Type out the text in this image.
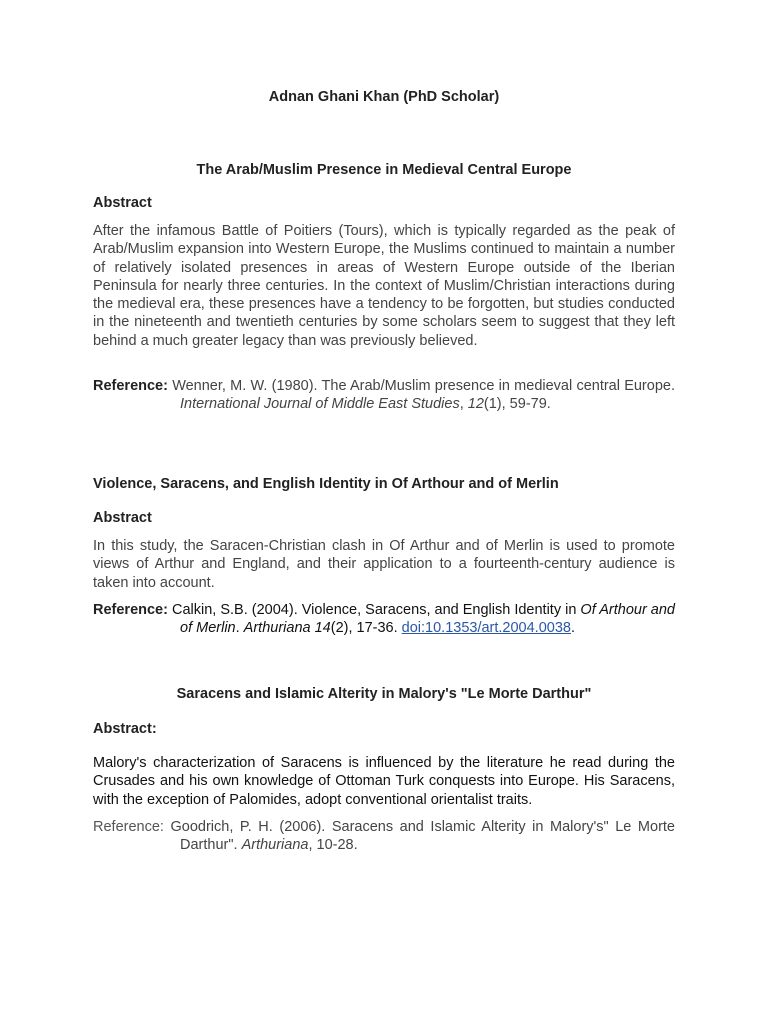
Adnan Ghani Khan (PhD Scholar)
The Arab/Muslim Presence in Medieval Central Europe
Abstract
After the infamous Battle of Poitiers (Tours), which is typically regarded as the peak of Arab/Muslim expansion into Western Europe, the Muslims continued to maintain a number of relatively isolated presences in areas of Western Europe outside of the Iberian Peninsula for nearly three centuries. In the context of Muslim/Christian interactions during the medieval era, these presences have a tendency to be forgotten, but studies conducted in the nineteenth and twentieth centuries by some scholars seem to suggest that they left behind a much greater legacy than was previously believed.
Reference: Wenner, M. W. (1980). The Arab/Muslim presence in medieval central Europe. International Journal of Middle East Studies, 12(1), 59-79.
Violence, Saracens, and English Identity in Of Arthour and of Merlin
Abstract
In this study, the Saracen-Christian clash in Of Arthur and of Merlin is used to promote views of Arthur and England, and their application to a fourteenth-century audience is taken into account.
Reference: Calkin, S.B. (2004). Violence, Saracens, and English Identity in Of Arthour and of Merlin. Arthuriana 14(2), 17-36. doi:10.1353/art.2004.0038.
Saracens and Islamic Alterity in Malory's "Le Morte Darthur"
Abstract:
Malory's characterization of Saracens is influenced by the literature he read during the Crusades and his own knowledge of Ottoman Turk conquests into Europe. His Saracens, with the exception of Palomides, adopt conventional orientalist traits.
Reference: Goodrich, P. H. (2006). Saracens and Islamic Alterity in Malory's" Le Morte Darthur". Arthuriana, 10-28.
